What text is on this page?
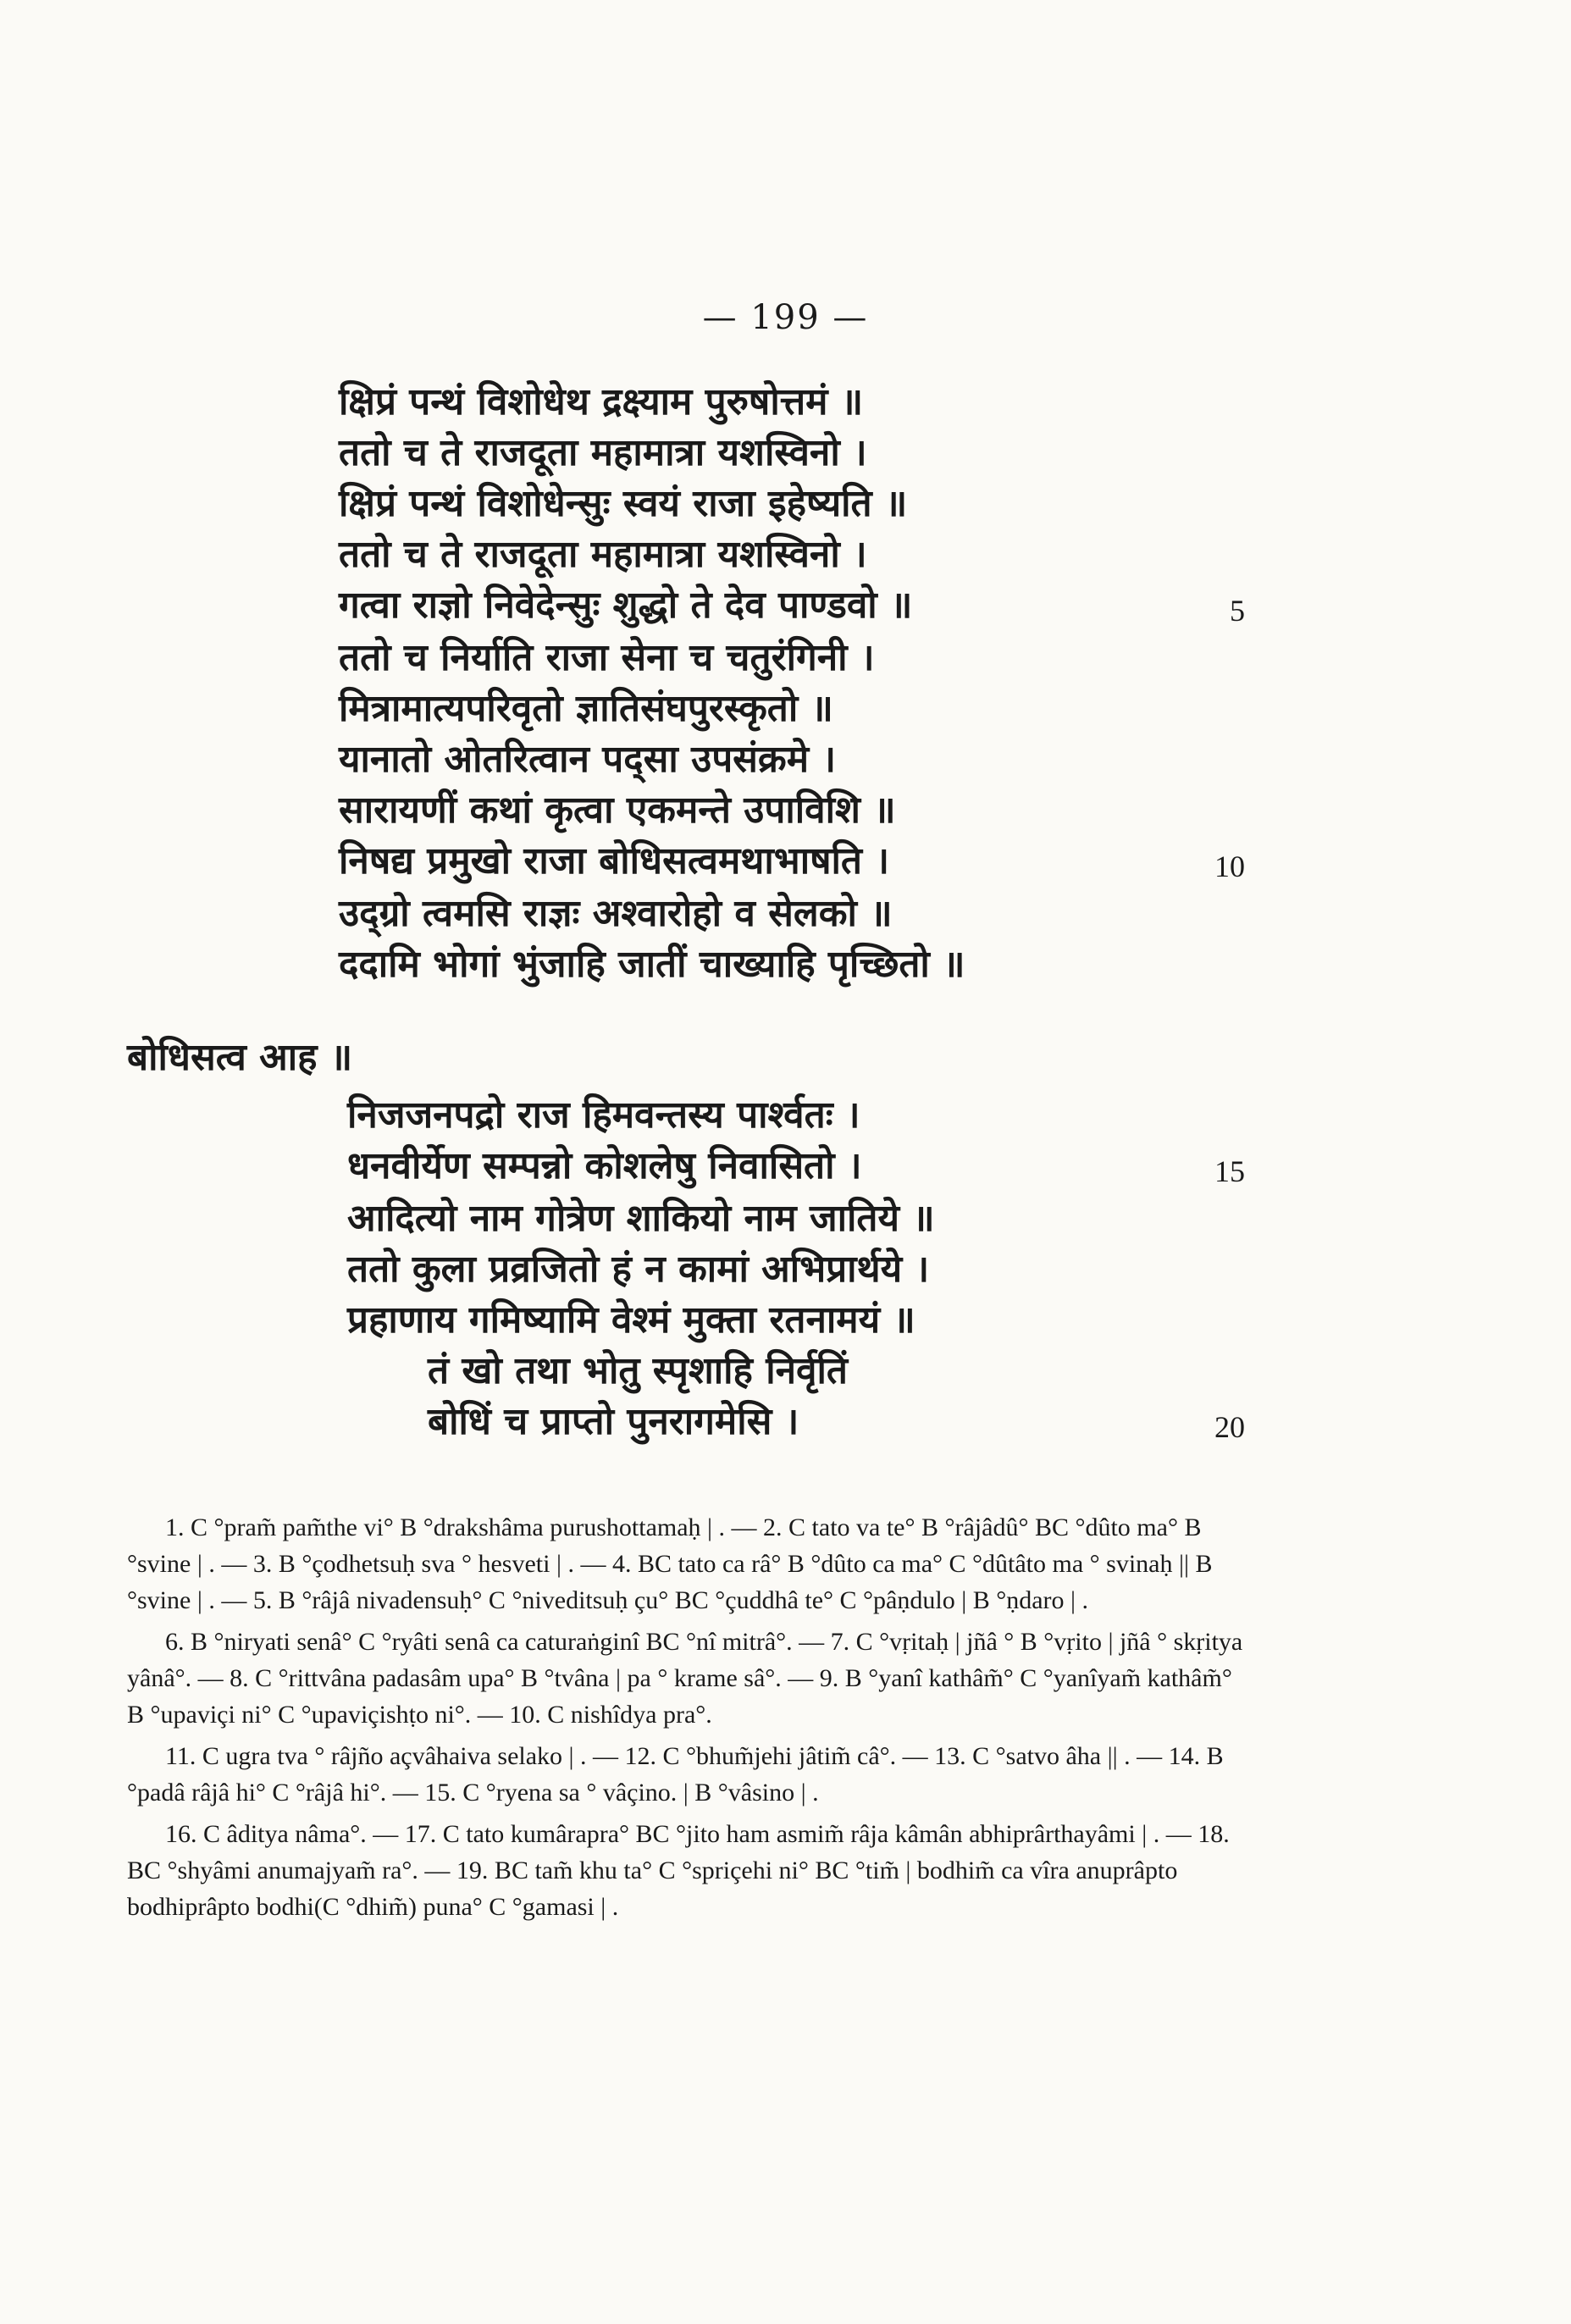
— 199 —
क्षिप्रं पन्थं विशोधेथ द्रक्ष्याम पुरुषोत्तमं ॥
ततो च ते राजदूता महामात्रा यशस्विनो ।
क्षिप्रं पन्थं विशोधेन्सुः स्वयं राजा इहेष्यति ॥
ततो च ते राजदूता महामात्रा यशस्विनो ।
गत्वा राज्ञो निवेदेन्सुः शुद्धो ते देव पाण्डवो ॥	5
ततो च निर्याति राजा सेना च चतुरंगिनी ।
मित्रामात्यपरिवृतो ज्ञातिसंघपुरस्कृतो ॥
यानातो ओतरित्वान पद्सा उपसंक्रमे ।
सारायणीं कथां कृत्वा एकमन्ते उपाविशि ॥
निषद्य प्रमुखो राजा बोधिसत्वमथाभाषति ।	10
उद्ग्रो त्वमसि राज्ञः अश्वारोहो व सेलको ॥
ददामि भोगां भुंजाहि जातीं चाख्याहि पृच्छितो ॥
बोधिसत्व आह ॥
निजजनपद्रो राज हिमवन्तस्य पार्श्वतः ।
धनवीर्येण सम्पन्नो कोशलेषु निवासितो ।	15
आदित्यो नाम गोत्रेण शाकियो नाम जातिये ॥
ततो कुला प्रव्रजितो हं न कामां अभिप्रार्थये ।
प्रहाणाय गमिष्यामि वेश्मं मुक्ता रतनामयं ॥
तं खो तथा भोतु स्पृशाहि निर्वृतिं
बोधिं च प्राप्तो पुनरागमेसि ।	20

1. C °pram̃ pam̃the vi° B °drakshâma purushottamaḥ | . — 2. C tato va te° B °râjâdû° BC °dûto ma° B °svine | . — 3. B °çodhetsuḥ sva ° hesveti | . — 4. BC tato ca râ° B °dûto ca ma° C °dûtâto ma ° svinaḥ || B °svine | . — 5. B °râjâ nivadensuḥ° C °niveditsuḥ çu° BC °çuddhâ te° C °pâṇdulo | B °ṇdaro | .

6. B °niryati senâ° C °ryâti senâ ca caturaṅginî BC °nî mitrâ°. — 7. C °vṛitaḥ | jñâ ° B °vṛito | jñâ ° skṛitya yânâ°. — 8. C °rittvâna padasâm upa° B °tvâna | pa ° krame sâ°. — 9. B °yanî kathâm̃° C °yanîyam̃ kathâm̃° B °upaviçi ni° C °upaviçishṭo ni°. — 10. C nishîdya pra°.

11. C ugra tva ° râjño açvâhaiva selako | . — 12. C °bhum̃jehi jâtim̃ câ°. — 13. C °satvo âha || . — 14. B °padâ râjâ hi° C °râjâ hi°. — 15. C °ryena sa ° vâçino. | B °vâsino | .

16. C âditya nâma°. — 17. C tato kumârapra° BC °jito ham asmim̃ râja kâmân abhiprârthayâmi | . — 18. BC °shyâmi anumajyam̃ ra°. — 19. BC tam̃ khu ta° C °spriçehi ni° BC °tim̃ | bodhim̃ ca vîra anuprâpto bodhiprâpto bodhi(C °dhim̃) puna° C °gamasi | .
